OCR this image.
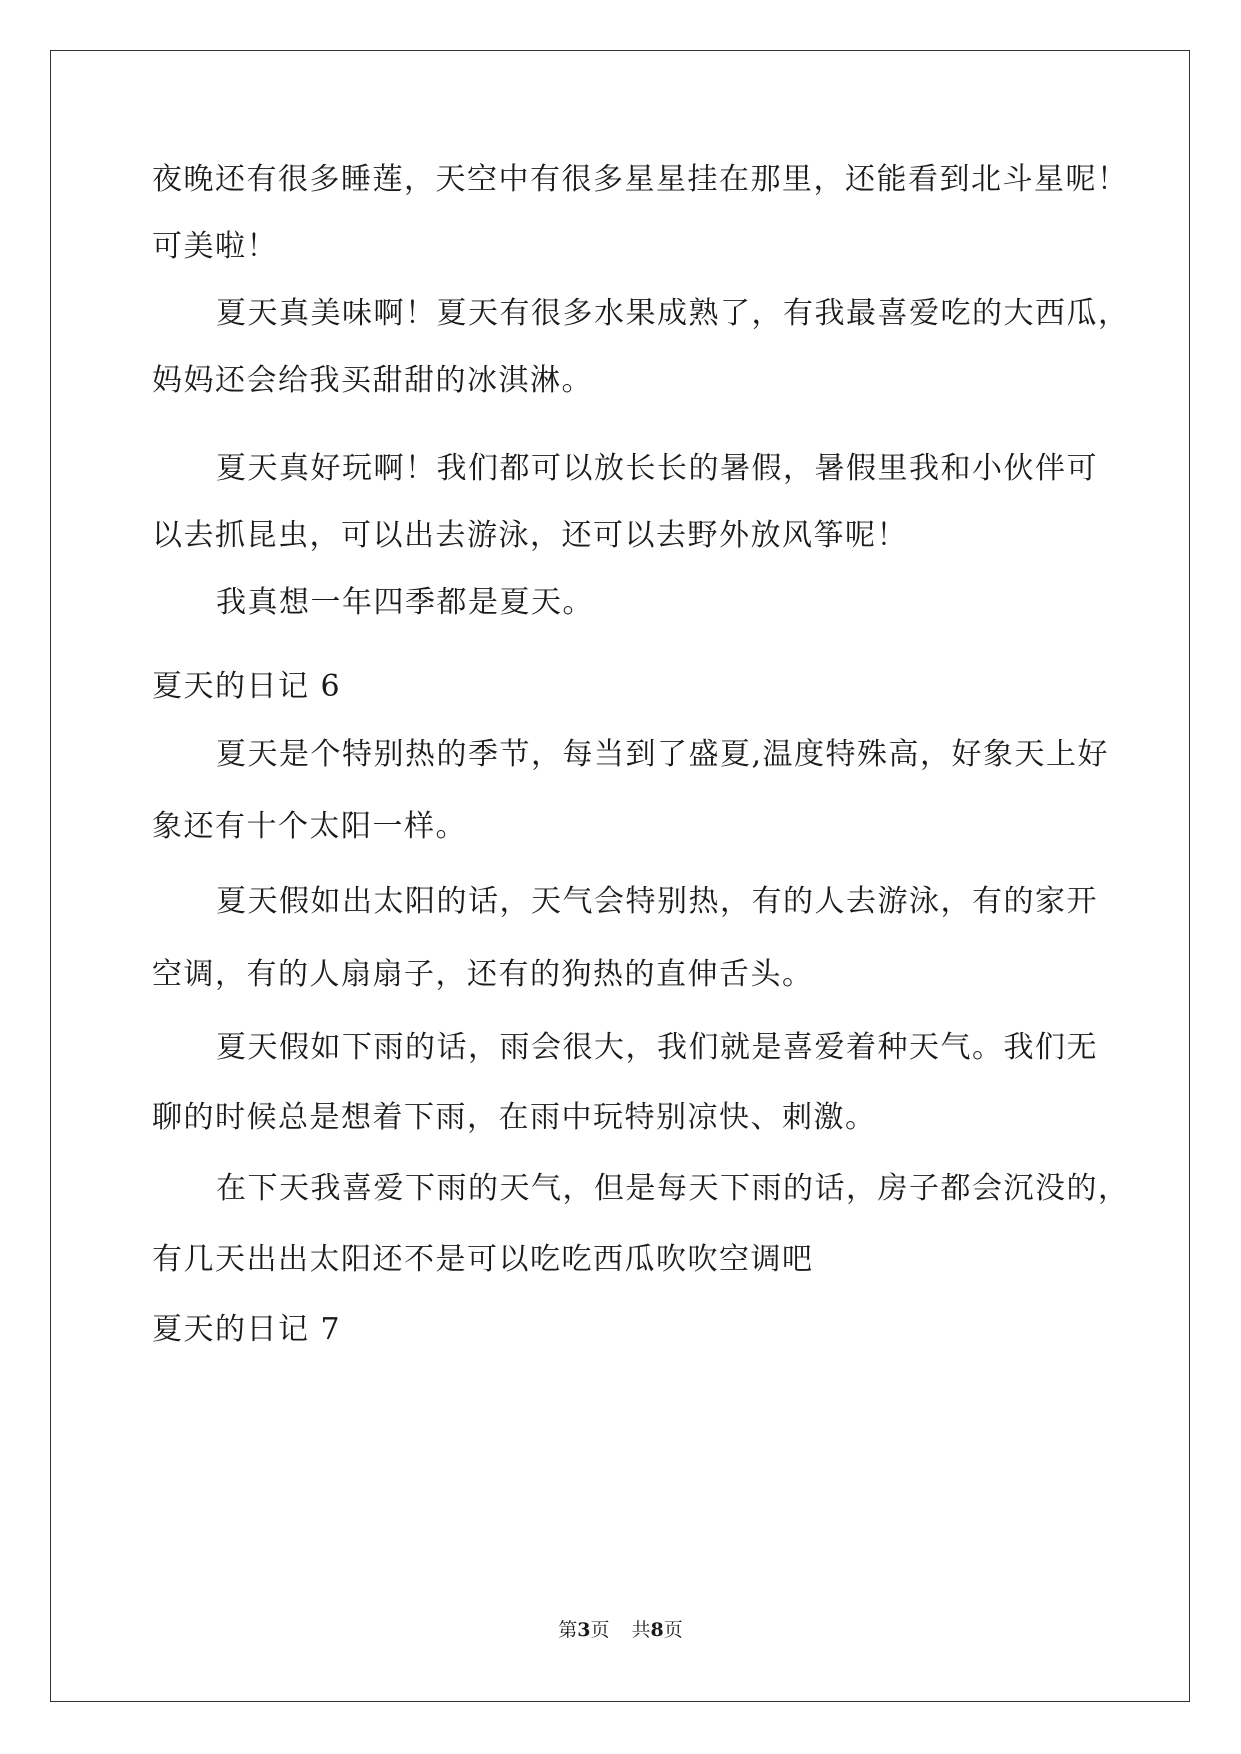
夜晚还有很多睡莲，天空中有很多星星挂在那里，还能看到北斗星呢！
可美啦！
夏天真美味啊！夏天有很多水果成熟了，有我最喜爱吃的大西瓜，
妈妈还会给我买甜甜的冰淇淋。
夏天真好玩啊！我们都可以放长长的暑假，暑假里我和小伙伴可
以去抓昆虫，可以出去游泳，还可以去野外放风筝呢！
我真想一年四季都是夏天。
夏天的日记 6
夏天是个特别热的季节，每当到了盛夏,温度特殊高，好象天上好
象还有十个太阳一样。
夏天假如出太阳的话，天气会特别热，有的人去游泳，有的家开
空调，有的人扇扇子，还有的狗热的直伸舌头。
夏天假如下雨的话，雨会很大，我们就是喜爱着种天气。我们无
聊的时候总是想着下雨，在雨中玩特别凉快、刺激。
在下天我喜爱下雨的天气，但是每天下雨的话，房子都会沉没的，
有几天出出太阳还不是可以吃吃西瓜吹吹空调吧
夏天的日记 7
第3页 共8页
